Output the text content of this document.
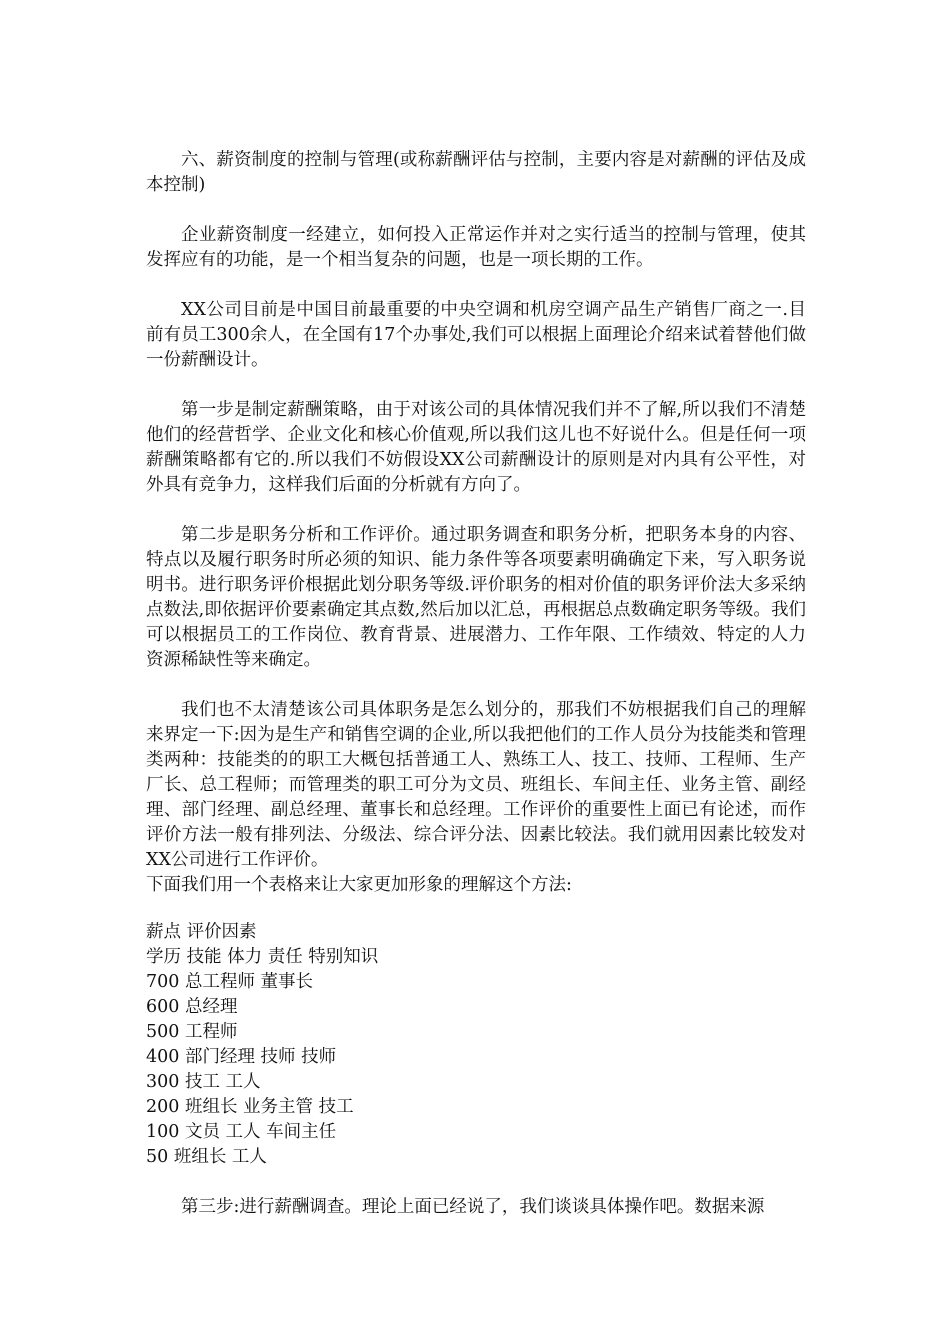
六、薪资制度的控制与管理(或称薪酬评估与控制，主要内容是对薪酬的评估及成本控制)

企业薪资制度一经建立，如何投入正常运作并对之实行适当的控制与管理，使其发挥应有的功能，是一个相当复杂的问题，也是一项长期的工作。

XX公司目前是中国目前最重要的中央空调和机房空调产品生产销售厂商之一.目前有员工300余人，在全国有17个办事处,我们可以根据上面理论介绍来试着替他们做一份薪酬设计。

第一步是制定薪酬策略，由于对该公司的具体情况我们并不了解,所以我们不清楚他们的经营哲学、企业文化和核心价值观,所以我们这儿也不好说什么。但是任何一项薪酬策略都有它的.所以我们不妨假设XX公司薪酬设计的原则是对内具有公平性，对外具有竞争力，这样我们后面的分析就有方向了。

第二步是职务分析和工作评价。通过职务调查和职务分析，把职务本身的内容、特点以及履行职务时所必须的知识、能力条件等各项要素明确确定下来，写入职务说明书。进行职务评价根据此划分职务等级.评价职务的相对价值的职务评价法大多采纳点数法,即依据评价要素确定其点数,然后加以汇总，再根据总点数确定职务等级。我们可以根据员工的工作岗位、教育背景、进展潜力、工作年限、工作绩效、特定的人力资源稀缺性等来确定。

我们也不太清楚该公司具体职务是怎么划分的，那我们不妨根据我们自己的理解来界定一下:因为是生产和销售空调的企业,所以我把他们的工作人员分为技能类和管理类两种：技能类的的职工大概包括普通工人、熟练工人、技工、技师、工程师、生产厂长、总工程师；而管理类的职工可分为文员、班组长、车间主任、业务主管、副经理、部门经理、副总经理、董事长和总经理。工作评价的重要性上面已有论述，而作评价方法一般有排列法、分级法、综合评分法、因素比较法。我们就用因素比较发对XX公司进行工作评价。

下面我们用一个表格来让大家更加形象的理解这个方法:

薪点 评价因素
学历 技能 体力 责任 特别知识
700 总工程师 董事长
600 总经理
500 工程师
400 部门经理 技师 技师
300 技工 工人
200 班组长 业务主管 技工
100 文员 工人 车间主任
50 班组长 工人

第三步:进行薪酬调查。理论上面已经说了，我们谈谈具体操作吧。数据来源
